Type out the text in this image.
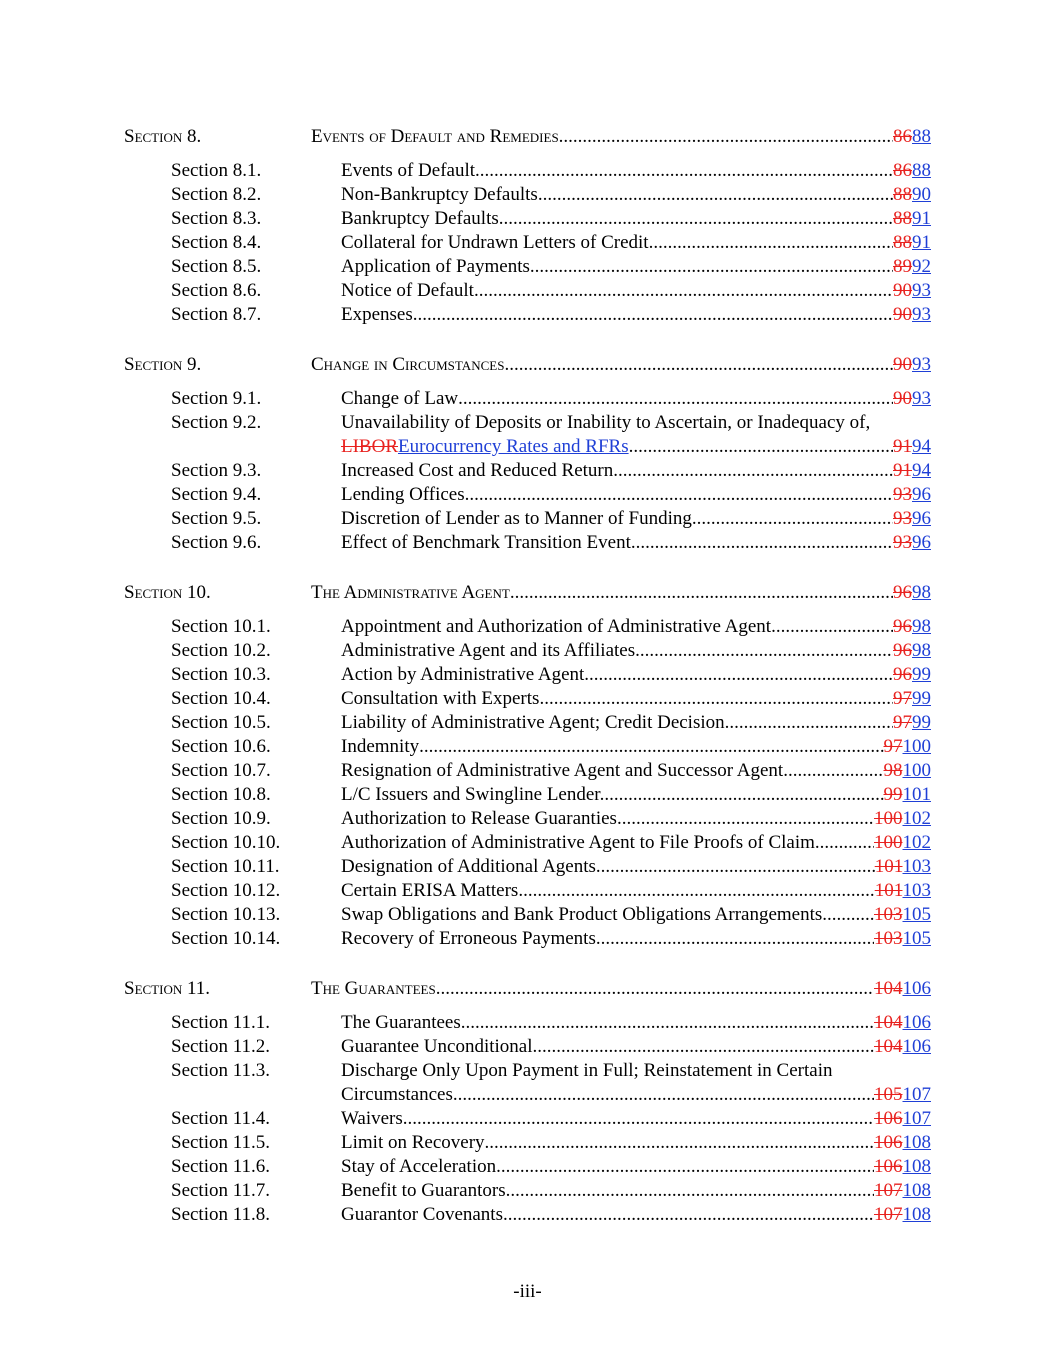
Section 8.	Events of Default and Remedies .....	8688
Section 8.1.	Events of Default .....	8688
Section 8.2.	Non-Bankruptcy Defaults .....	8890
Section 8.3.	Bankruptcy Defaults .....	8891
Section 8.4.	Collateral for Undrawn Letters of Credit .....	8891
Section 8.5.	Application of Payments .....	8992
Section 8.6.	Notice of Default .....	9093
Section 8.7.	Expenses .....	9093
Section 9.	Change in Circumstances .....	9093
Section 9.1.	Change of Law .....	9093
Section 9.2.	Unavailability of Deposits or Inability to Ascertain, or Inadequacy of,
LIBOR Eurocurrency Rates and RFRs .....	9194
Section 9.3.	Increased Cost and Reduced Return .....	9194
Section 9.4.	Lending Offices .....	9396
Section 9.5.	Discretion of Lender as to Manner of Funding .....	9396
Section 9.6.	Effect of Benchmark Transition Event .....	9396
Section 10.	The Administrative Agent .....	9698
Section 10.1.	Appointment and Authorization of Administrative Agent .....	9698
Section 10.2.	Administrative Agent and its Affiliates .....	9698
Section 10.3.	Action by Administrative Agent .....	9699
Section 10.4.	Consultation with Experts .....	9799
Section 10.5.	Liability of Administrative Agent; Credit Decision .....	9799
Section 10.6.	Indemnity .....	97100
Section 10.7.	Resignation of Administrative Agent and Successor Agent .....	98100
Section 10.8.	L/C Issuers and Swingline Lender. .....	99101
Section 10.9.	Authorization to Release Guaranties .....	100102
Section 10.10.	Authorization of Administrative Agent to File Proofs of Claim .....	100102
Section 10.11.	Designation of Additional Agents .....	101103
Section 10.12.	Certain ERISA Matters .....	101103
Section 10.13.	Swap Obligations and Bank Product Obligations Arrangements .....	103105
Section 10.14.	Recovery of Erroneous Payments .....	103105
Section 11.	The Guarantees .....	104106
Section 11.1.	The Guarantees .....	104106
Section 11.2.	Guarantee Unconditional .....	104106
Section 11.3.	Discharge Only Upon Payment in Full; Reinstatement in Certain
Circumstances .....	105107
Section 11.4.	Waivers .....	106107
Section 11.5.	Limit on Recovery .....	106108
Section 11.6.	Stay of Acceleration .....	106108
Section 11.7.	Benefit to Guarantors .....	107108
Section 11.8.	Guarantor Covenants .....	107108
-iii-
